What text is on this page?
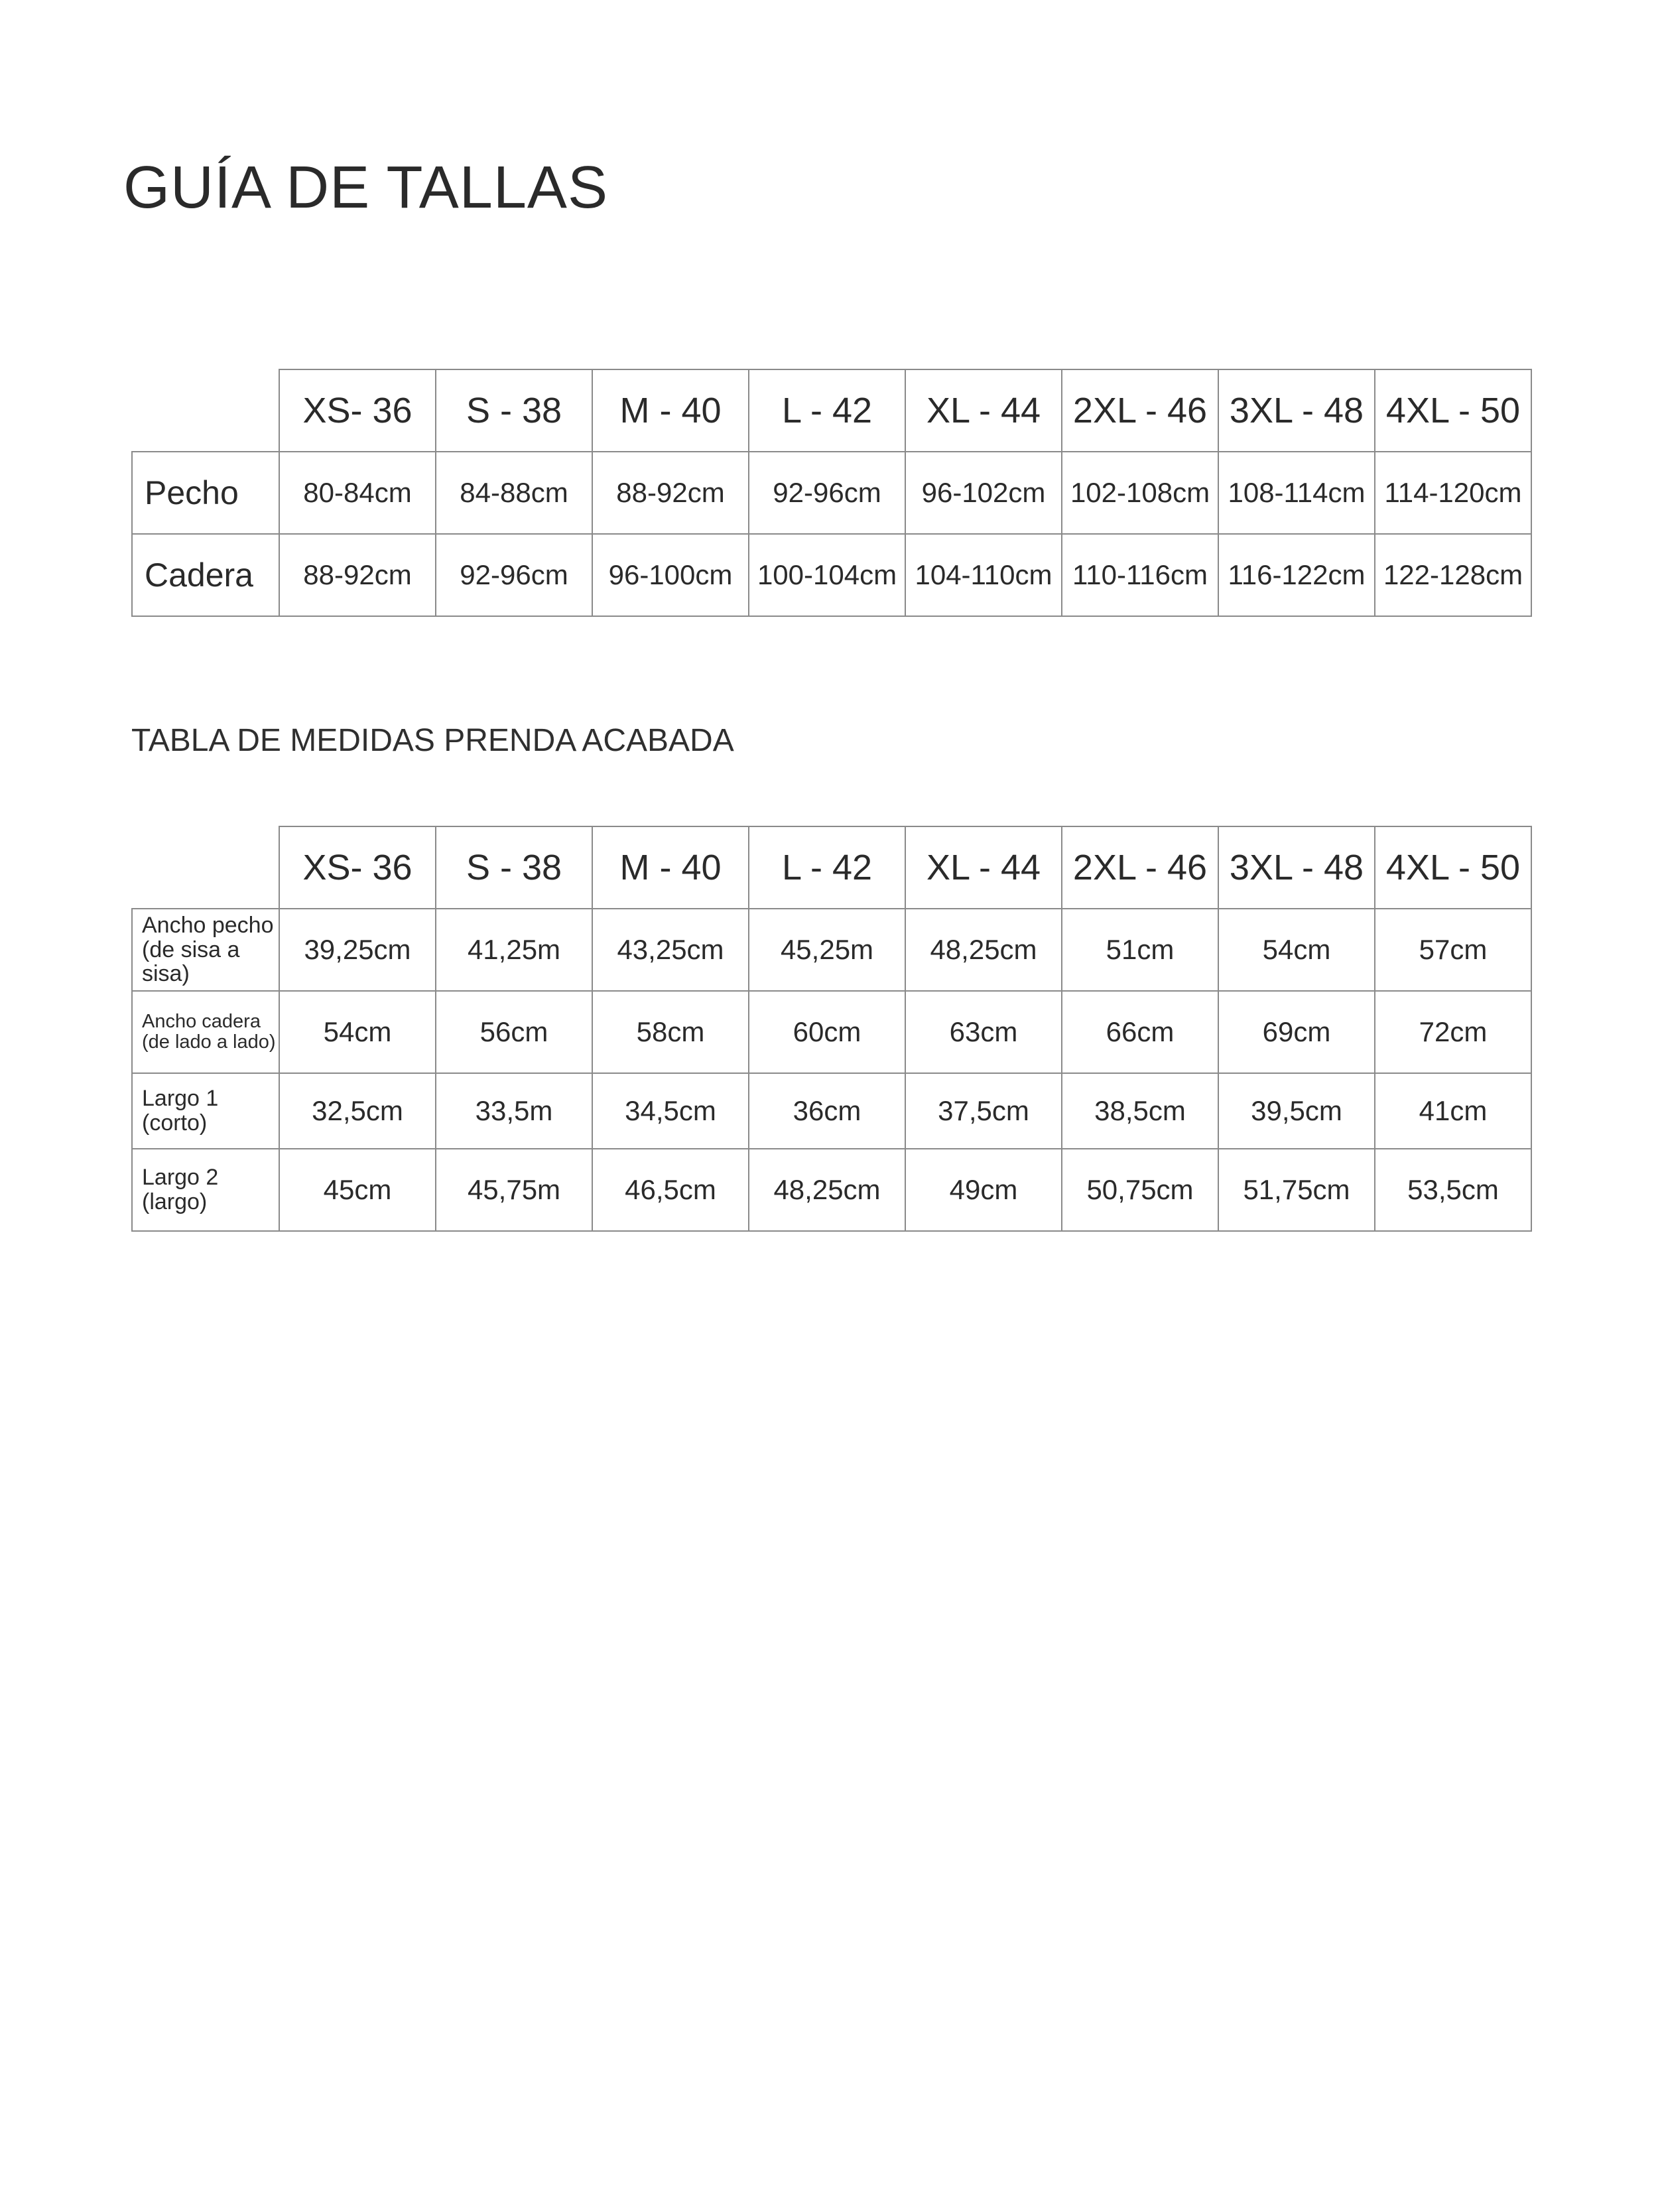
GUÍA DE TALLAS
	XS- 36	S - 38	M - 40	L - 42	XL - 44	2XL - 46	3XL - 48	4XL - 50
Pecho	80-84cm	84-88cm	88-92cm	92-96cm	96-102cm	102-108cm	108-114cm	114-120cm
Cadera	88-92cm	92-96cm	96-100cm	100-104cm	104-110cm	110-116cm	116-122cm	122-128cm
TABLA DE MEDIDAS PRENDA ACABADA
	XS- 36	S - 38	M - 40	L - 42	XL - 44	2XL - 46	3XL - 48	4XL - 50
Ancho pecho (de sisa a sisa)	39,25cm	41,25m	43,25cm	45,25m	48,25cm	51cm	54cm	57cm
Ancho cadera (de lado a lado)	54cm	56cm	58cm	60cm	63cm	66cm	69cm	72cm
Largo 1 (corto)	32,5cm	33,5m	34,5cm	36cm	37,5cm	38,5cm	39,5cm	41cm
Largo 2 (largo)	45cm	45,75m	46,5cm	48,25cm	49cm	50,75cm	51,75cm	53,5cm
